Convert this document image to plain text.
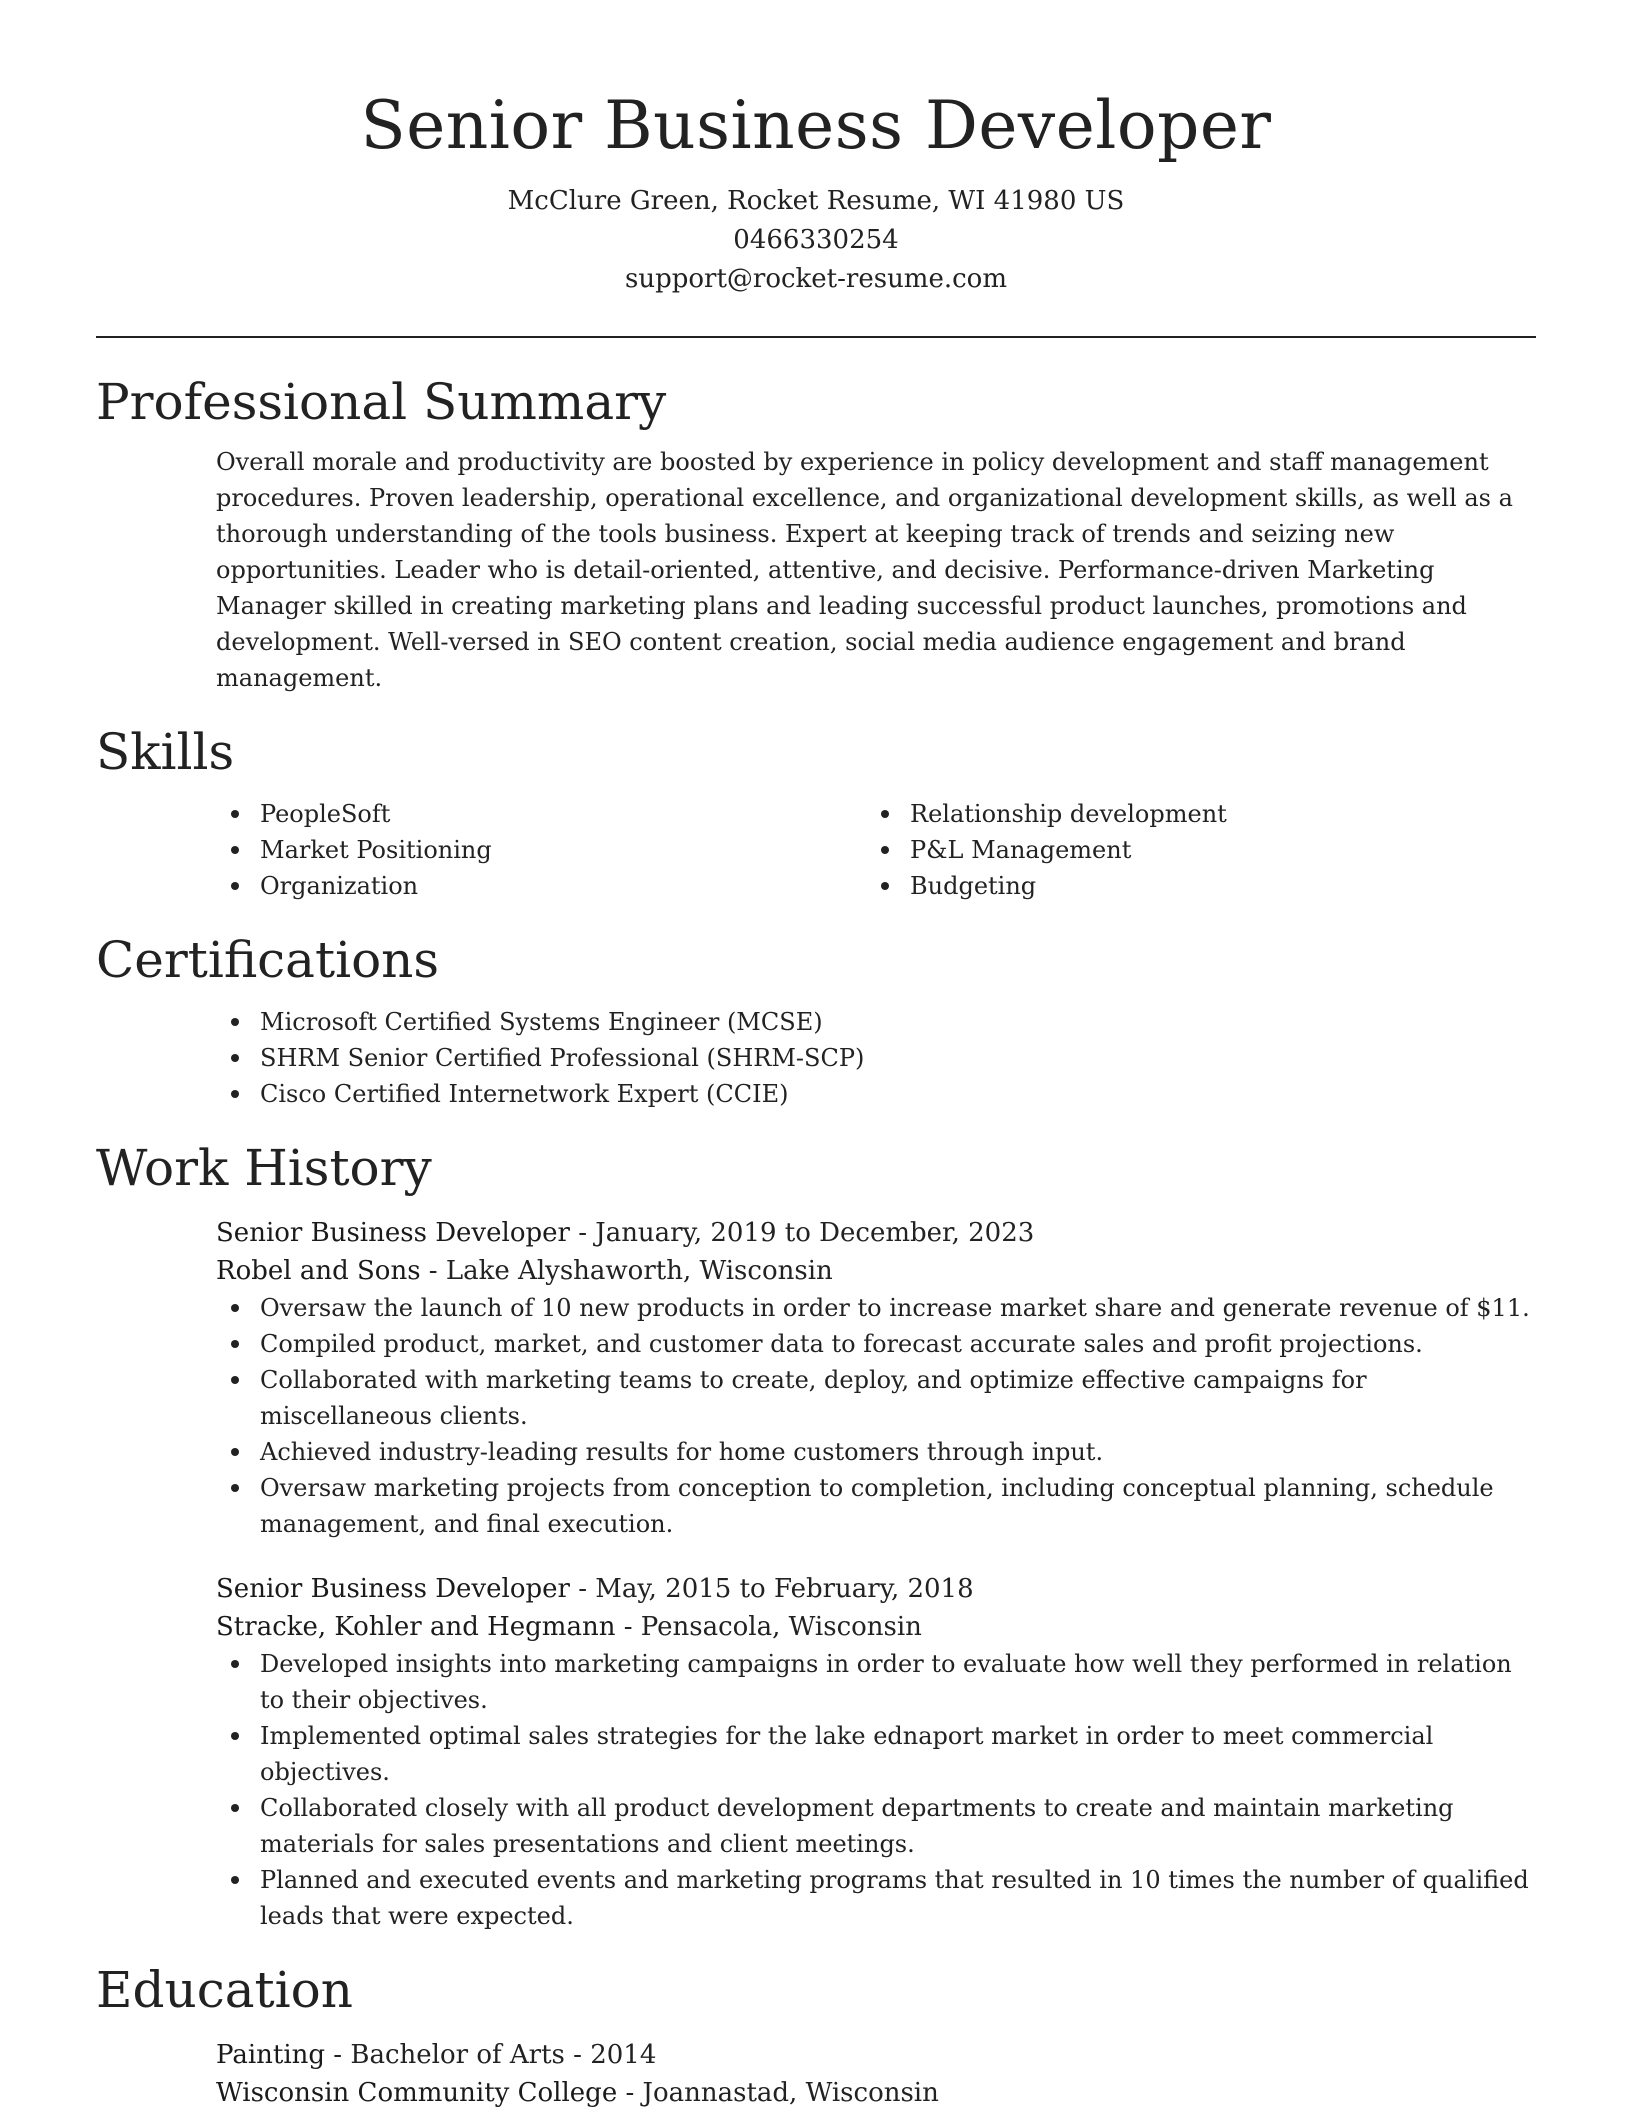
Senior Business Developer
McClure Green, Rocket Resume, WI 41980 US
0466330254
support@rocket-resume.com
Professional Summary
Overall morale and productivity are boosted by experience in policy development and staff management procedures. Proven leadership, operational excellence, and organizational development skills, as well as a thorough understanding of the tools business. Expert at keeping track of trends and seizing new opportunities. Leader who is detail-oriented, attentive, and decisive. Performance-driven Marketing Manager skilled in creating marketing plans and leading successful product launches, promotions and development. Well-versed in SEO content creation, social media audience engagement and brand management.
Skills
PeopleSoft
Market Positioning
Organization
Relationship development
P&L Management
Budgeting
Certifications
Microsoft Certified Systems Engineer (MCSE)
SHRM Senior Certified Professional (SHRM-SCP)
Cisco Certified Internetwork Expert (CCIE)
Work History
Senior Business Developer - January, 2019 to December, 2023
Robel and Sons - Lake Alyshaworth, Wisconsin
Oversaw the launch of 10 new products in order to increase market share and generate revenue of $11.
Compiled product, market, and customer data to forecast accurate sales and profit projections.
Collaborated with marketing teams to create, deploy, and optimize effective campaigns for miscellaneous clients.
Achieved industry-leading results for home customers through input.
Oversaw marketing projects from conception to completion, including conceptual planning, schedule management, and final execution.
Senior Business Developer - May, 2015 to February, 2018
Stracke, Kohler and Hegmann - Pensacola, Wisconsin
Developed insights into marketing campaigns in order to evaluate how well they performed in relation to their objectives.
Implemented optimal sales strategies for the lake ednaport market in order to meet commercial objectives.
Collaborated closely with all product development departments to create and maintain marketing materials for sales presentations and client meetings.
Planned and executed events and marketing programs that resulted in 10 times the number of qualified leads that were expected.
Education
Painting - Bachelor of Arts - 2014
Wisconsin Community College - Joannastad, Wisconsin
